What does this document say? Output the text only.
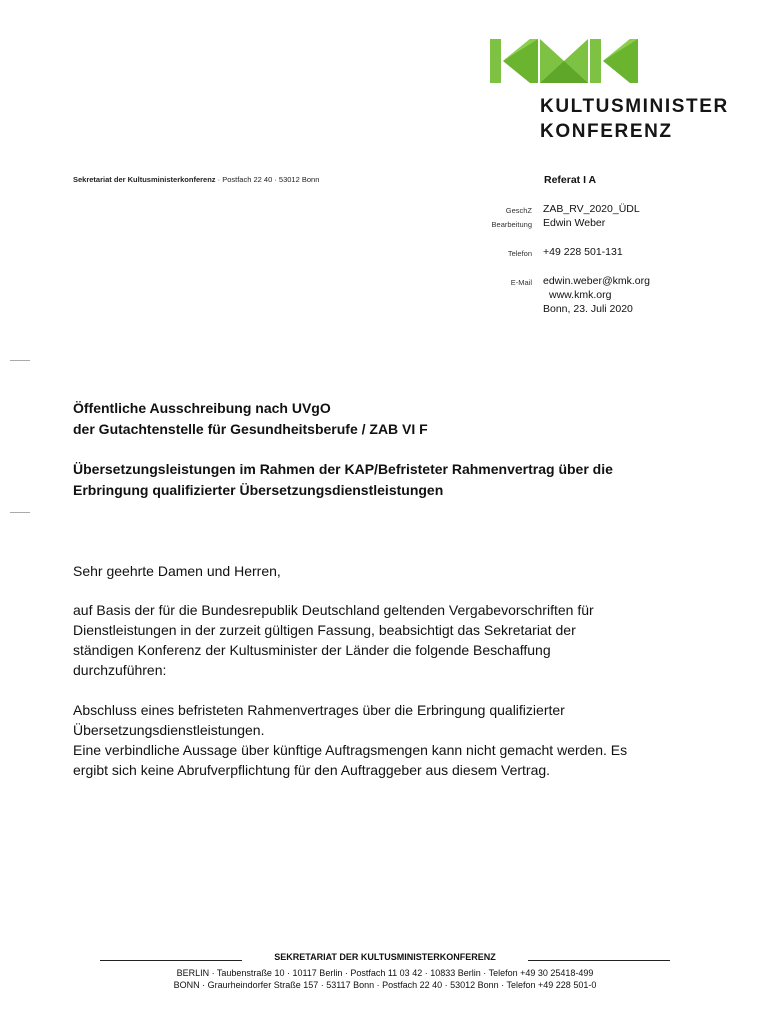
KULTUSMINISTER
KONFERENZ
Sekretariat der Kultusministerkonferenz · Postfach 22 40 · 53012 Bonn	Referat I A
GeschZ ZAB_RV_2020_ÜDL
Bearbeitung Edwin Weber
Telefon +49 228 501-131
E-Mail edwin.weber@kmk.org
www.kmk.org
Bonn, 23. Juli 2020
Öffentliche Ausschreibung nach UVgO
der Gutachtenstelle für Gesundheitsberufe / ZAB VI F
Übersetzungsleistungen im Rahmen der KAP/Befristeter Rahmenvertrag über die
Erbringung qualifizierter Übersetzungsdienstleistungen
Sehr geehrte Damen und Herren,
auf Basis der für die Bundesrepublik Deutschland geltenden Vergabevorschriften für
Dienstleistungen in der zurzeit gültigen Fassung, beabsichtigt das Sekretariat der
ständigen Konferenz der Kultusminister der Länder die folgende Beschaffung
durchzuführen:
Abschluss eines befristeten Rahmenvertrages über die Erbringung qualifizierter
Übersetzungsdienstleistungen.
Eine verbindliche Aussage über künftige Auftragsmengen kann nicht gemacht werden. Es
ergibt sich keine Abrufverpflichtung für den Auftraggeber aus diesem Vertrag.
SEKRETARIAT DER KULTUSMINISTERKONFERENZ
BERLIN · Taubenstraße 10 · 10117 Berlin · Postfach 11 03 42 · 10833 Berlin · Telefon +49 30 25418-499
BONN · Graurheindorfer Straße 157 · 53117 Bonn · Postfach 22 40 · 53012 Bonn · Telefon +49 228 501-0
